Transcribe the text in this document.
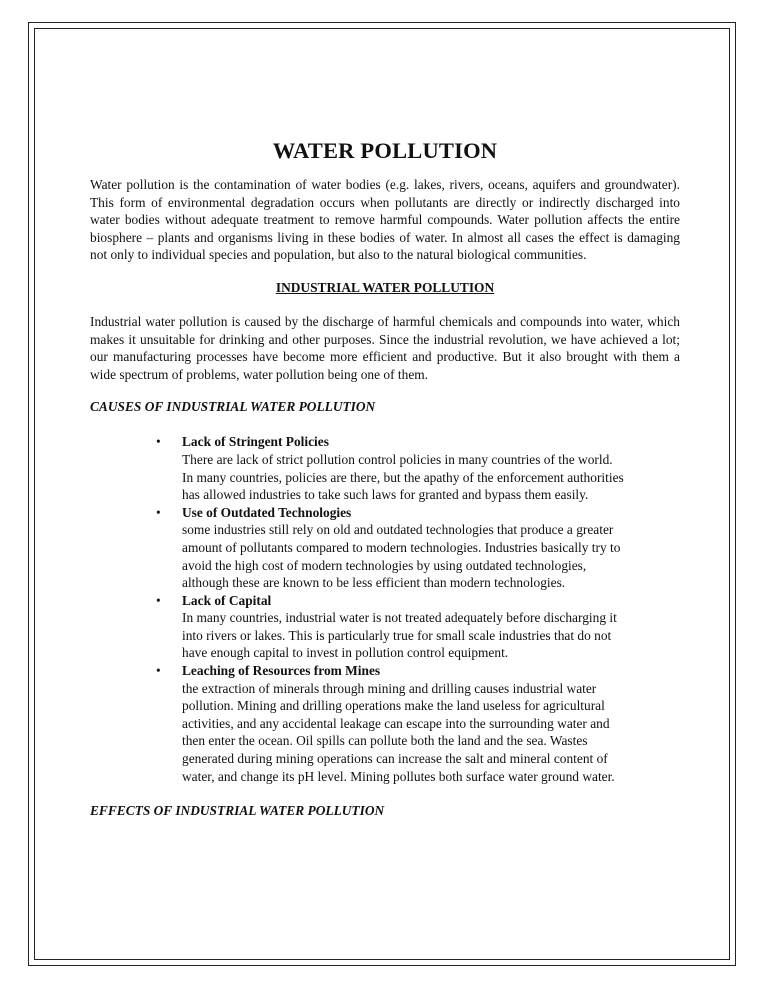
WATER POLLUTION

Water pollution is the contamination of water bodies (e.g. lakes, rivers, oceans, aquifers and groundwater). This form of environmental degradation occurs when pollutants are directly or indirectly discharged into water bodies without adequate treatment to remove harmful compounds. Water pollution affects the entire biosphere – plants and organisms living in these bodies of water. In almost all cases the effect is damaging not only to individual species and population, but also to the natural biological communities.

INDUSTRIAL WATER POLLUTION

Industrial water pollution is caused by the discharge of harmful chemicals and compounds into water, which makes it unsuitable for drinking and other purposes. Since the industrial revolution, we have achieved a lot; our manufacturing processes have become more efficient and productive. But it also brought with them a wide spectrum of problems, water pollution being one of them.

CAUSES OF INDUSTRIAL WATER POLLUTION
• Lack of Stringent Policies

There are lack of strict pollution control policies in many countries of the world.
In many countries, policies are there, but the apathy of the enforcement authorities
has allowed industries to take such laws for granted and bypass them easily.

• Use of Outdated Technologies

some industries still rely on old and outdated technologies that produce a greater
amount of pollutants compared to modern technologies. Industries basically try to
avoid the high cost of modern technologies by using outdated technologies,
although these are known to be less efficient than modern technologies.

• Lack of Capital

In many countries, industrial water is not treated adequately before discharging it
into rivers or lakes. This is particularly true for small scale industries that do not
have enough capital to invest in pollution control equipment.

• Leaching of Resources from Mines

the extraction of minerals through mining and drilling causes industrial water
pollution. Mining and drilling operations make the land useless for agricultural
activities, and any accidental leakage can escape into the surrounding water and
then enter the ocean. Oil spills can pollute both the land and the sea. Wastes
generated during mining operations can increase the salt and mineral content of
water, and change its pH level. Mining pollutes both surface water ground water.

EFFECTS OF INDUSTRIAL WATER POLLUTION
